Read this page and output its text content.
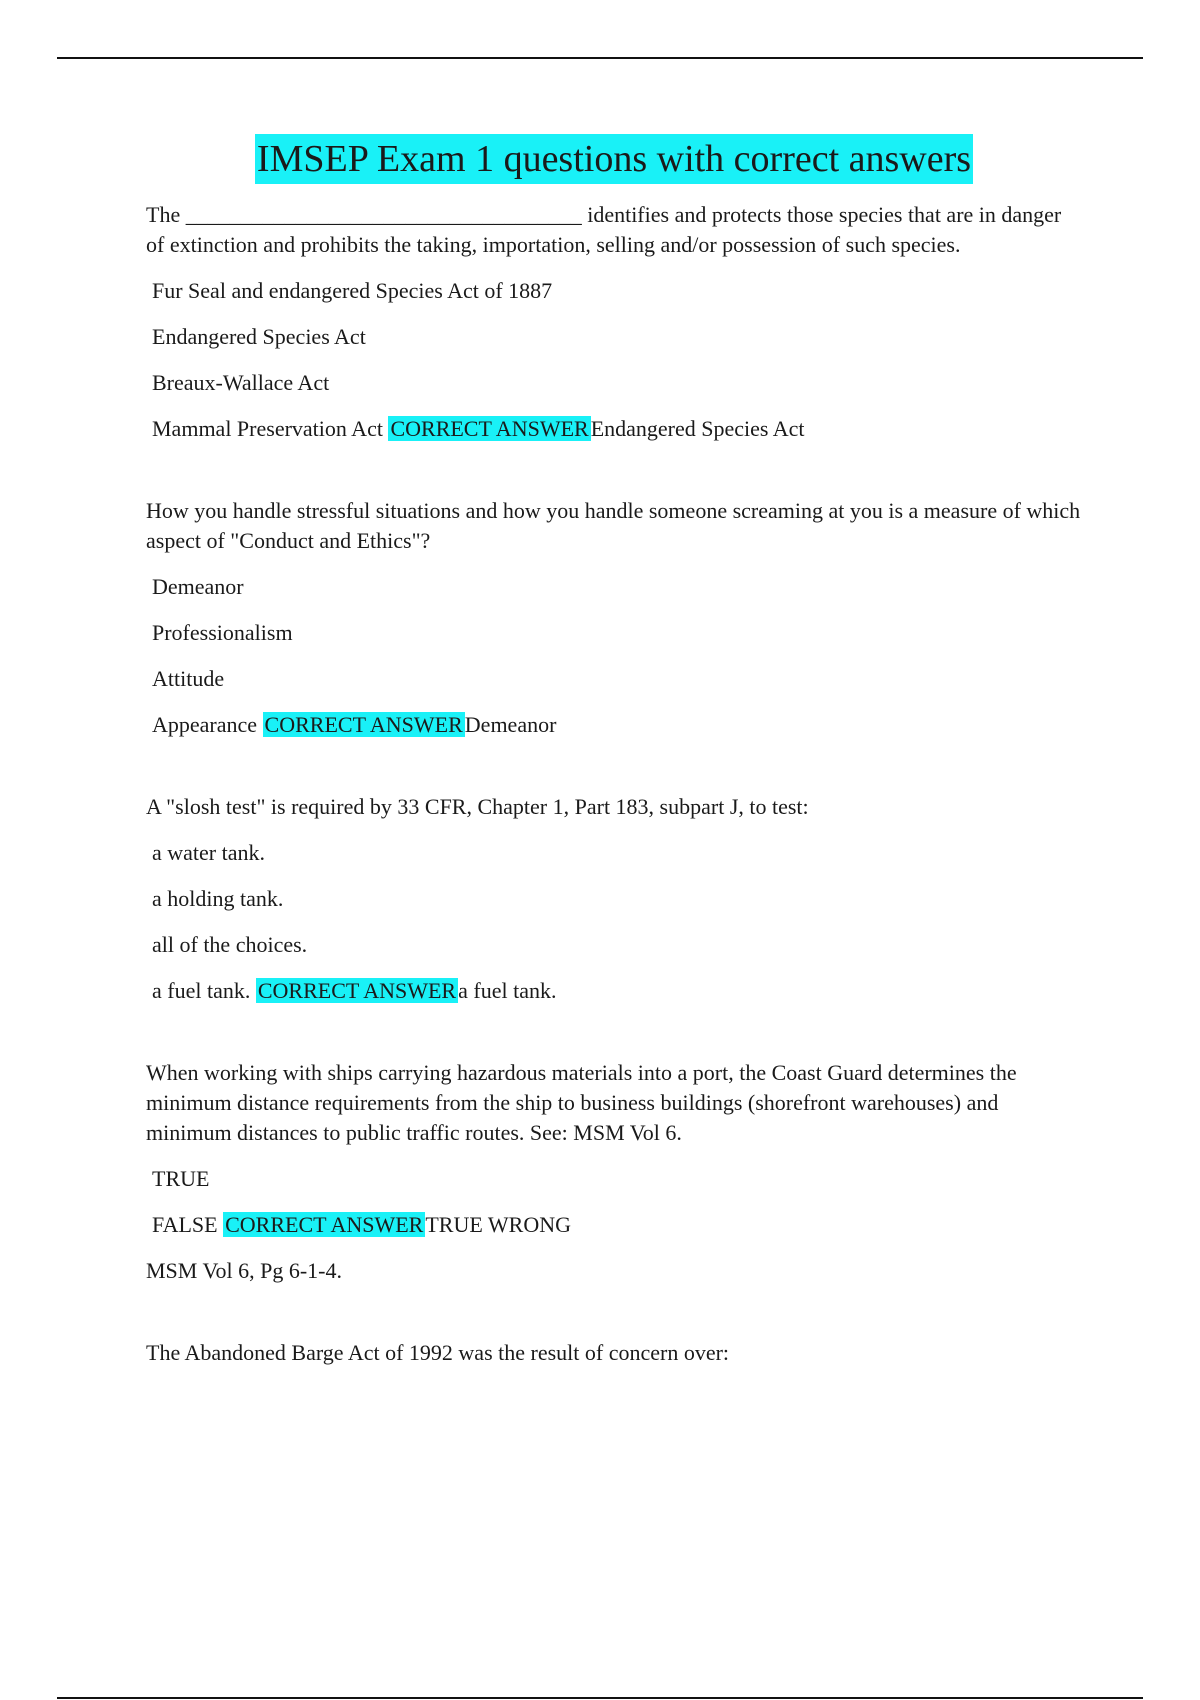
IMSEP Exam 1 questions with correct answers

The ____________________________________ identifies and protects those species that are in danger of extinction and prohibits the taking, importation, selling and/or possession of such species.

Fur Seal and endangered Species Act of 1887

Endangered Species Act

Breaux-Wallace Act

Mammal Preservation Act CORRECT ANSWEREndangered Species Act

How you handle stressful situations and how you handle someone screaming at you is a measure of which aspect of "Conduct and Ethics"?

Demeanor

Professionalism

Attitude

Appearance CORRECT ANSWERDemeanor

A "slosh test" is required by 33 CFR, Chapter 1, Part 183, subpart J, to test:

a water tank.

a holding tank.

all of the choices.

a fuel tank. CORRECT ANSWERa fuel tank.

When working with ships carrying hazardous materials into a port, the Coast Guard determines the minimum distance requirements from the ship to business buildings (shorefront warehouses) and minimum distances to public traffic routes. See: MSM Vol 6.

TRUE

FALSE CORRECT ANSWERTRUE WRONG

MSM Vol 6, Pg 6-1-4.

The Abandoned Barge Act of 1992 was the result of concern over:
